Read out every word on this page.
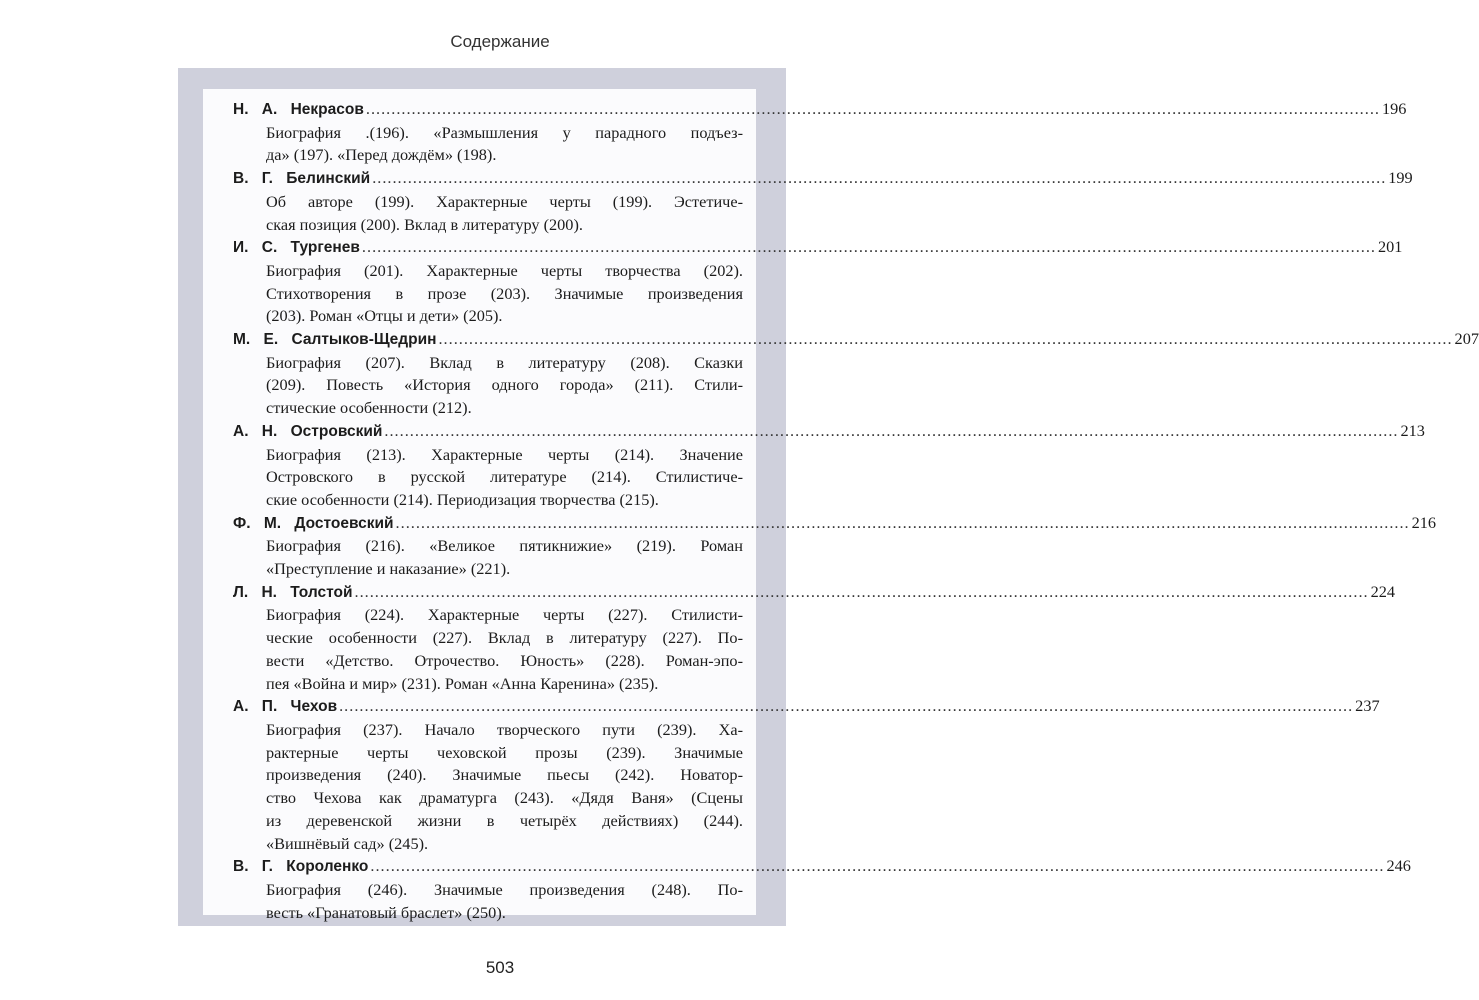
Содержание
Н. А. Некрасов ........................................................................................................................................................................................................ 196
Биография .(196). «Размышления у парадного подъез-
да» (197). «Перед дождём» (198).
В. Г. Белинский ........................................................................................................................................................................................................ 199
Об авторе (199). Характерные черты (199). Эстетиче-
ская позиция (200). Вклад в литературу (200).
И. С. Тургенев ........................................................................................................................................................................................................ 201
Биография (201). Характерные черты творчества (202).
Стихотворения в прозе (203). Значимые произведения
(203). Роман «Отцы и дети» (205).
М. Е. Салтыков-Щедрин ........................................................................................................................................................................................................ 207
Биография (207). Вклад в литературу (208). Сказки
(209). Повесть «История одного города» (211). Стили-
стические особенности (212).
А. Н. Островский ........................................................................................................................................................................................................ 213
Биография (213). Характерные черты (214). Значение
Островского в русской литературе (214). Стилистиче-
ские особенности (214). Периодизация творчества (215).
Ф. М. Достоевский ........................................................................................................................................................................................................ 216
Биография (216). «Великое пятикнижие» (219). Роман
«Преступление и наказание» (221).
Л. Н. Толстой ........................................................................................................................................................................................................ 224
Биография (224). Характерные черты (227). Стилисти-
ческие особенности (227). Вклад в литературу (227). По-
вести «Детство. Отрочество. Юность» (228). Роман-эпо-
пея «Война и мир» (231). Роман «Анна Каренина» (235).
А. П. Чехов ........................................................................................................................................................................................................ 237
Биография (237). Начало творческого пути (239). Ха-
рактерные черты чеховской прозы (239). Значимые
произведения (240). Значимые пьесы (242). Новатор-
ство Чехова как драматурга (243). «Дядя Ваня» (Сцены
из деревенской жизни в четырёх действиях) (244).
«Вишнёвый сад» (245).
В. Г. Короленко ........................................................................................................................................................................................................ 246
Биография (246). Значимые произведения (248). По-
весть «Гранатовый браслет» (250).
503
